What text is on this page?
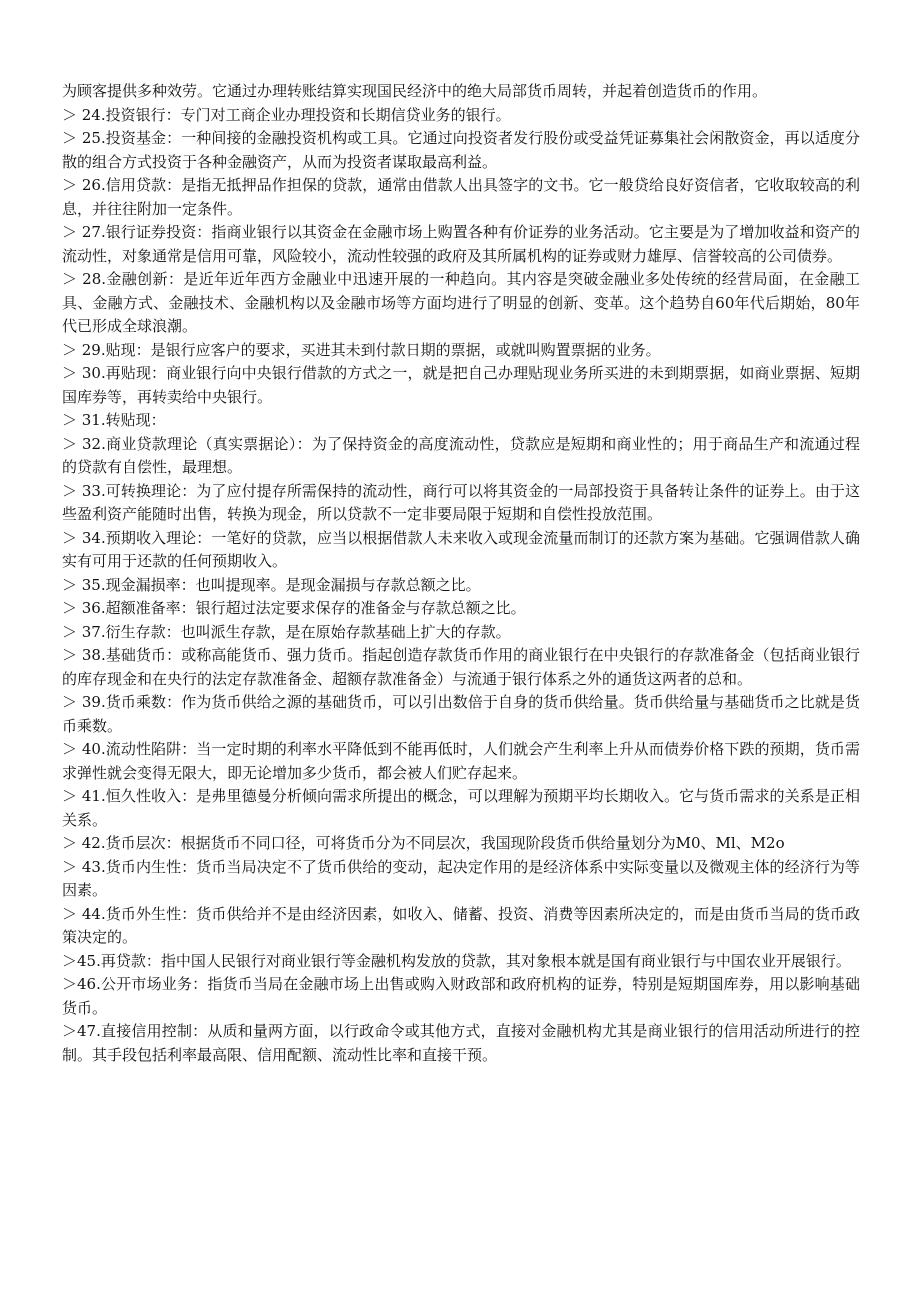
为顾客提供多种效劳。它通过办理转账结算实现国民经济中的绝大局部货币周转，并起着创造货币的作用。

＞ 24.投资银行：专门对工商企业办理投资和长期信贷业务的银行。

＞ 25.投资基金：一种间接的金融投资机构或工具。它通过向投资者发行股份或受益凭证募集社会闲散资金，再以适度分散的组合方式投资于各种金融资产，从而为投资者谋取最高利益。

＞ 26.信用贷款：是指无抵押品作担保的贷款，通常由借款人出具签字的文书。它一般贷给良好资信者，它收取较高的利息，并往往附加一定条件。

＞ 27.银行证券投资：指商业银行以其资金在金融市场上购置各种有价证券的业务活动。它主要是为了增加收益和资产的流动性，对象通常是信用可靠，风险较小，流动性较强的政府及其所属机构的证券或财力雄厚、信誉较高的公司债券。

＞ 28.金融创新：是近年近年西方金融业中迅速开展的一种趋向。其内容是突破金融业多处传统的经营局面，在金融工具、金融方式、金融技术、金融机构以及金融市场等方面均进行了明显的创新、变革。这个趋势自60年代后期始，80年代已形成全球浪潮。

＞ 29.贴现：是银行应客户的要求，买进其未到付款日期的票据，或就叫购置票据的业务。

＞ 30.再贴现：商业银行向中央银行借款的方式之一，就是把自己办理贴现业务所买进的未到期票据，如商业票据、短期国库券等，再转卖给中央银行。

＞ 31.转贴现：

＞ 32.商业贷款理论（真实票据论）：为了保持资金的高度流动性，贷款应是短期和商业性的；用于商品生产和流通过程的贷款有自偿性，最理想。

＞ 33.可转换理论：为了应付提存所需保持的流动性，商行可以将其资金的一局部投资于具备转让条件的证券上。由于这些盈利资产能随时出售，转换为现金，所以贷款不一定非要局限于短期和自偿性投放范围。

＞ 34.预期收入理论：一笔好的贷款，应当以根据借款人未来收入或现金流量而制订的还款方案为基础。它强调借款人确实有可用于还款的任何预期收入。

＞ 35.现金漏损率：也叫提现率。是现金漏损与存款总额之比。

＞ 36.超额准备率：银行超过法定要求保存的准备金与存款总额之比。

＞ 37.衍生存款：也叫派生存款，是在原始存款基础上扩大的存款。

＞ 38.基础货币：或称高能货币、强力货币。指起创造存款货币作用的商业银行在中央银行的存款准备金（包括商业银行的库存现金和在央行的法定存款准备金、超额存款准备金）与流通于银行体系之外的通货这两者的总和。

＞ 39.货币乘数：作为货币供给之源的基础货币，可以引出数倍于自身的货币供给量。货币供给量与基础货币之比就是货币乘数。

＞ 40.流动性陷阱：当一定时期的利率水平降低到不能再低时，人们就会产生利率上升从而债券价格下跌的预期，货币需求弹性就会变得无限大，即无论增加多少货币，都会被人们贮存起来。

＞ 41.恒久性收入：是弗里德曼分析倾向需求所提出的概念，可以理解为预期平均长期收入。它与货币需求的关系是正相关系。

＞ 42.货币层次：根据货币不同口径，可将货币分为不同层次，我国现阶段货币供给量划分为M0、Ml、M2o

＞ 43.货币内生性：货币当局决定不了货币供给的变动，起决定作用的是经济体系中实际变量以及微观主体的经济行为等因素。

＞ 44.货币外生性：货币供给并不是由经济因素，如收入、储蓄、投资、消费等因素所决定的，而是由货币当局的货币政策决定的。

＞45.再贷款：指中国人民银行对商业银行等金融机构发放的贷款，其对象根本就是国有商业银行与中国农业开展银行。

＞46.公开市场业务：指货币当局在金融市场上出售或购入财政部和政府机构的证券，特别是短期国库券，用以影响基础货币。

＞47.直接信用控制：从质和量两方面，以行政命令或其他方式，直接对金融机构尤其是商业银行的信用活动所进行的控制。其手段包括利率最高限、信用配额、流动性比率和直接干预。
